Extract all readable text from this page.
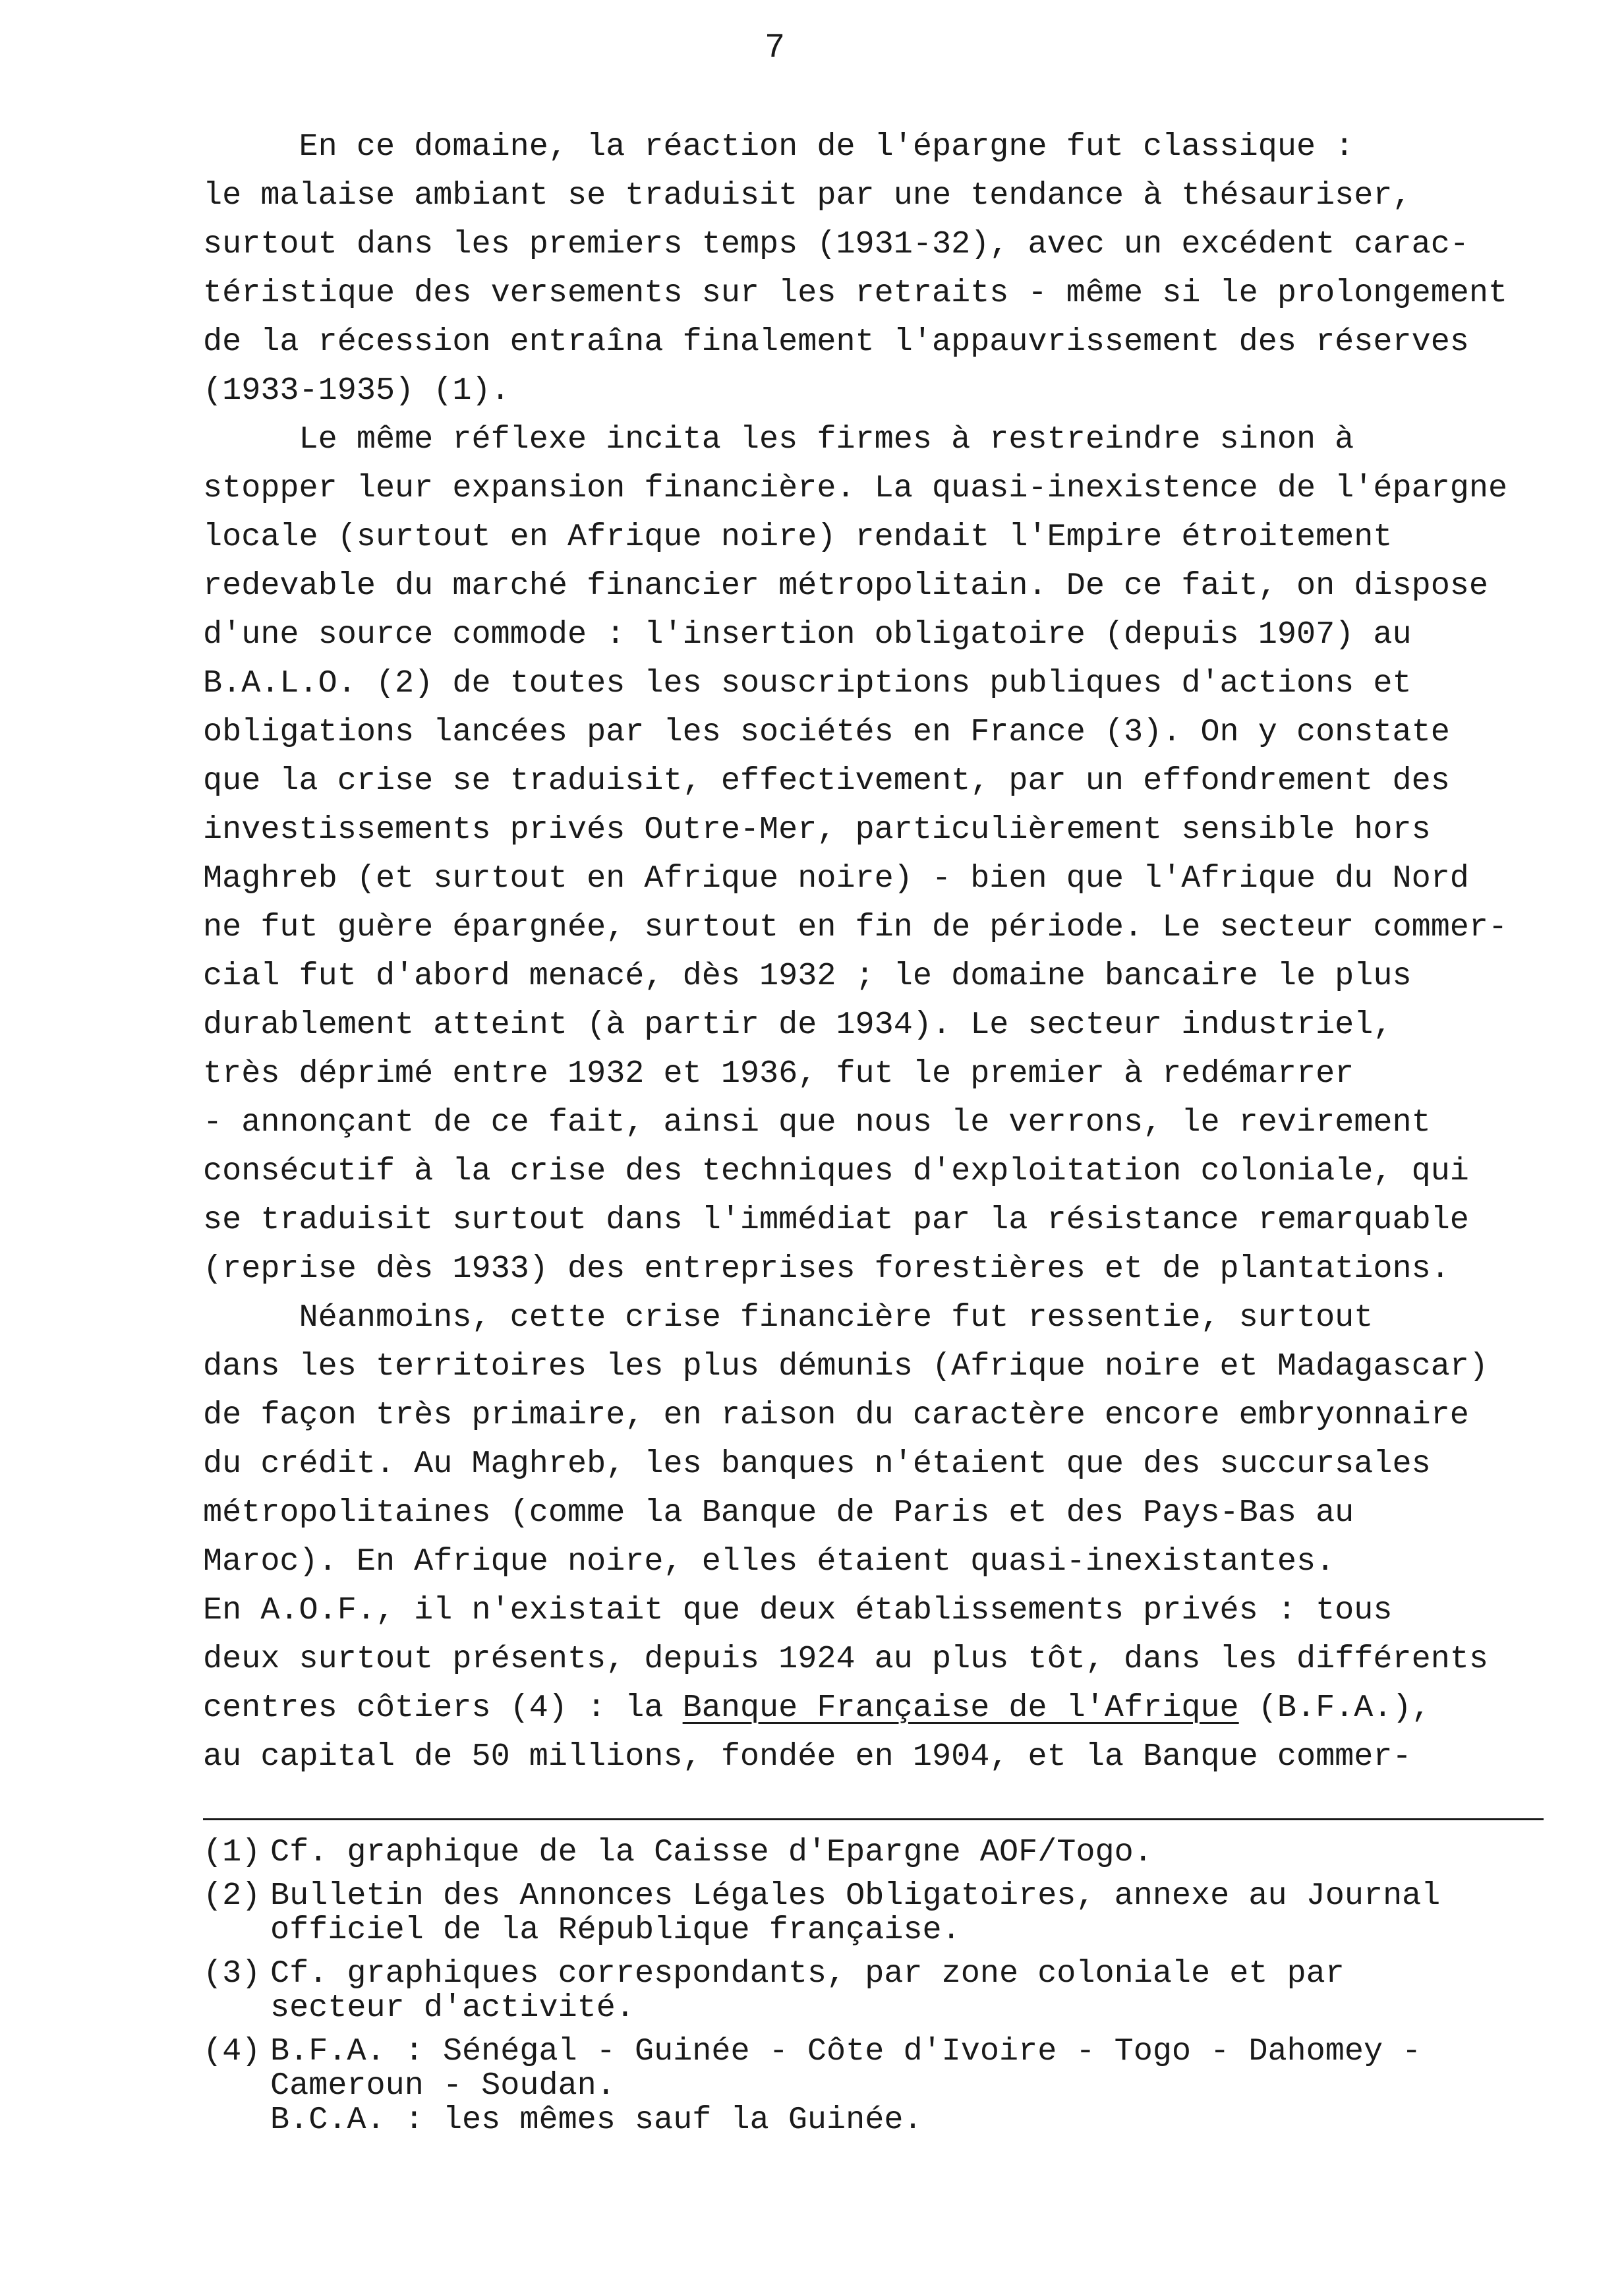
7
En ce domaine, la réaction de l'épargne fut classique :
le malaise ambiant se traduisit par une tendance à thésauriser,
surtout dans les premiers temps (1931-32), avec un excédent carac-
téristique des versements sur les retraits - même si le prolongement
de la récession entraîna finalement l'appauvrissement des réserves
(1933-1935) (1).
Le même réflexe incita les firmes à restreindre sinon à
stopper leur expansion financière. La quasi-inexistence de l'épargne
locale (surtout en Afrique noire) rendait l'Empire étroitement
redevable du marché financier métropolitain. De ce fait, on dispose
d'une source commode : l'insertion obligatoire (depuis 1907) au
B.A.L.O. (2) de toutes les souscriptions publiques d'actions et
obligations lancées par les sociétés en France (3). On y constate
que la crise se traduisit, effectivement, par un effondrement des
investissements privés Outre-Mer, particulièrement sensible hors
Maghreb (et surtout en Afrique noire) - bien que l'Afrique du Nord
ne fut guère épargnée, surtout en fin de période. Le secteur commer-
cial fut d'abord menacé, dès 1932 ; le domaine bancaire le plus
durablement atteint (à partir de 1934). Le secteur industriel,
très déprimé entre 1932 et 1936, fut le premier à redémarrer
- annonçant de ce fait, ainsi que nous le verrons, le revirement
consécutif à la crise des techniques d'exploitation coloniale, qui
se traduisit surtout dans l'immédiat par la résistance remarquable
(reprise dès 1933) des entreprises forestières et de plantations.
Néanmoins, cette crise financière fut ressentie, surtout
dans les territoires les plus démunis (Afrique noire et Madagascar)
de façon très primaire, en raison du caractère encore embryonnaire
du crédit. Au Maghreb, les banques n'étaient que des succursales
métropolitaines (comme la Banque de Paris et des Pays-Bas au
Maroc). En Afrique noire, elles étaient quasi-inexistantes.
En A.O.F., il n'existait que deux établissements privés : tous
deux surtout présents, depuis 1924 au plus tôt, dans les différents
centres côtiers (4) : la Banque Française de l'Afrique (B.F.A.),
au capital de 50 millions, fondée en 1904, et la Banque commer-
(1) Cf. graphique de la Caisse d'Epargne AOF/Togo.
(2) Bulletin des Annonces Légales Obligatoires, annexe au Journal
officiel de la République française.
(3) Cf. graphiques correspondants, par zone coloniale et par
secteur d'activité.
(4) B.F.A. : Sénégal - Guinée - Côte d'Ivoire - Togo - Dahomey -
Cameroun - Soudan.
B.C.A. : les mêmes sauf la Guinée.
